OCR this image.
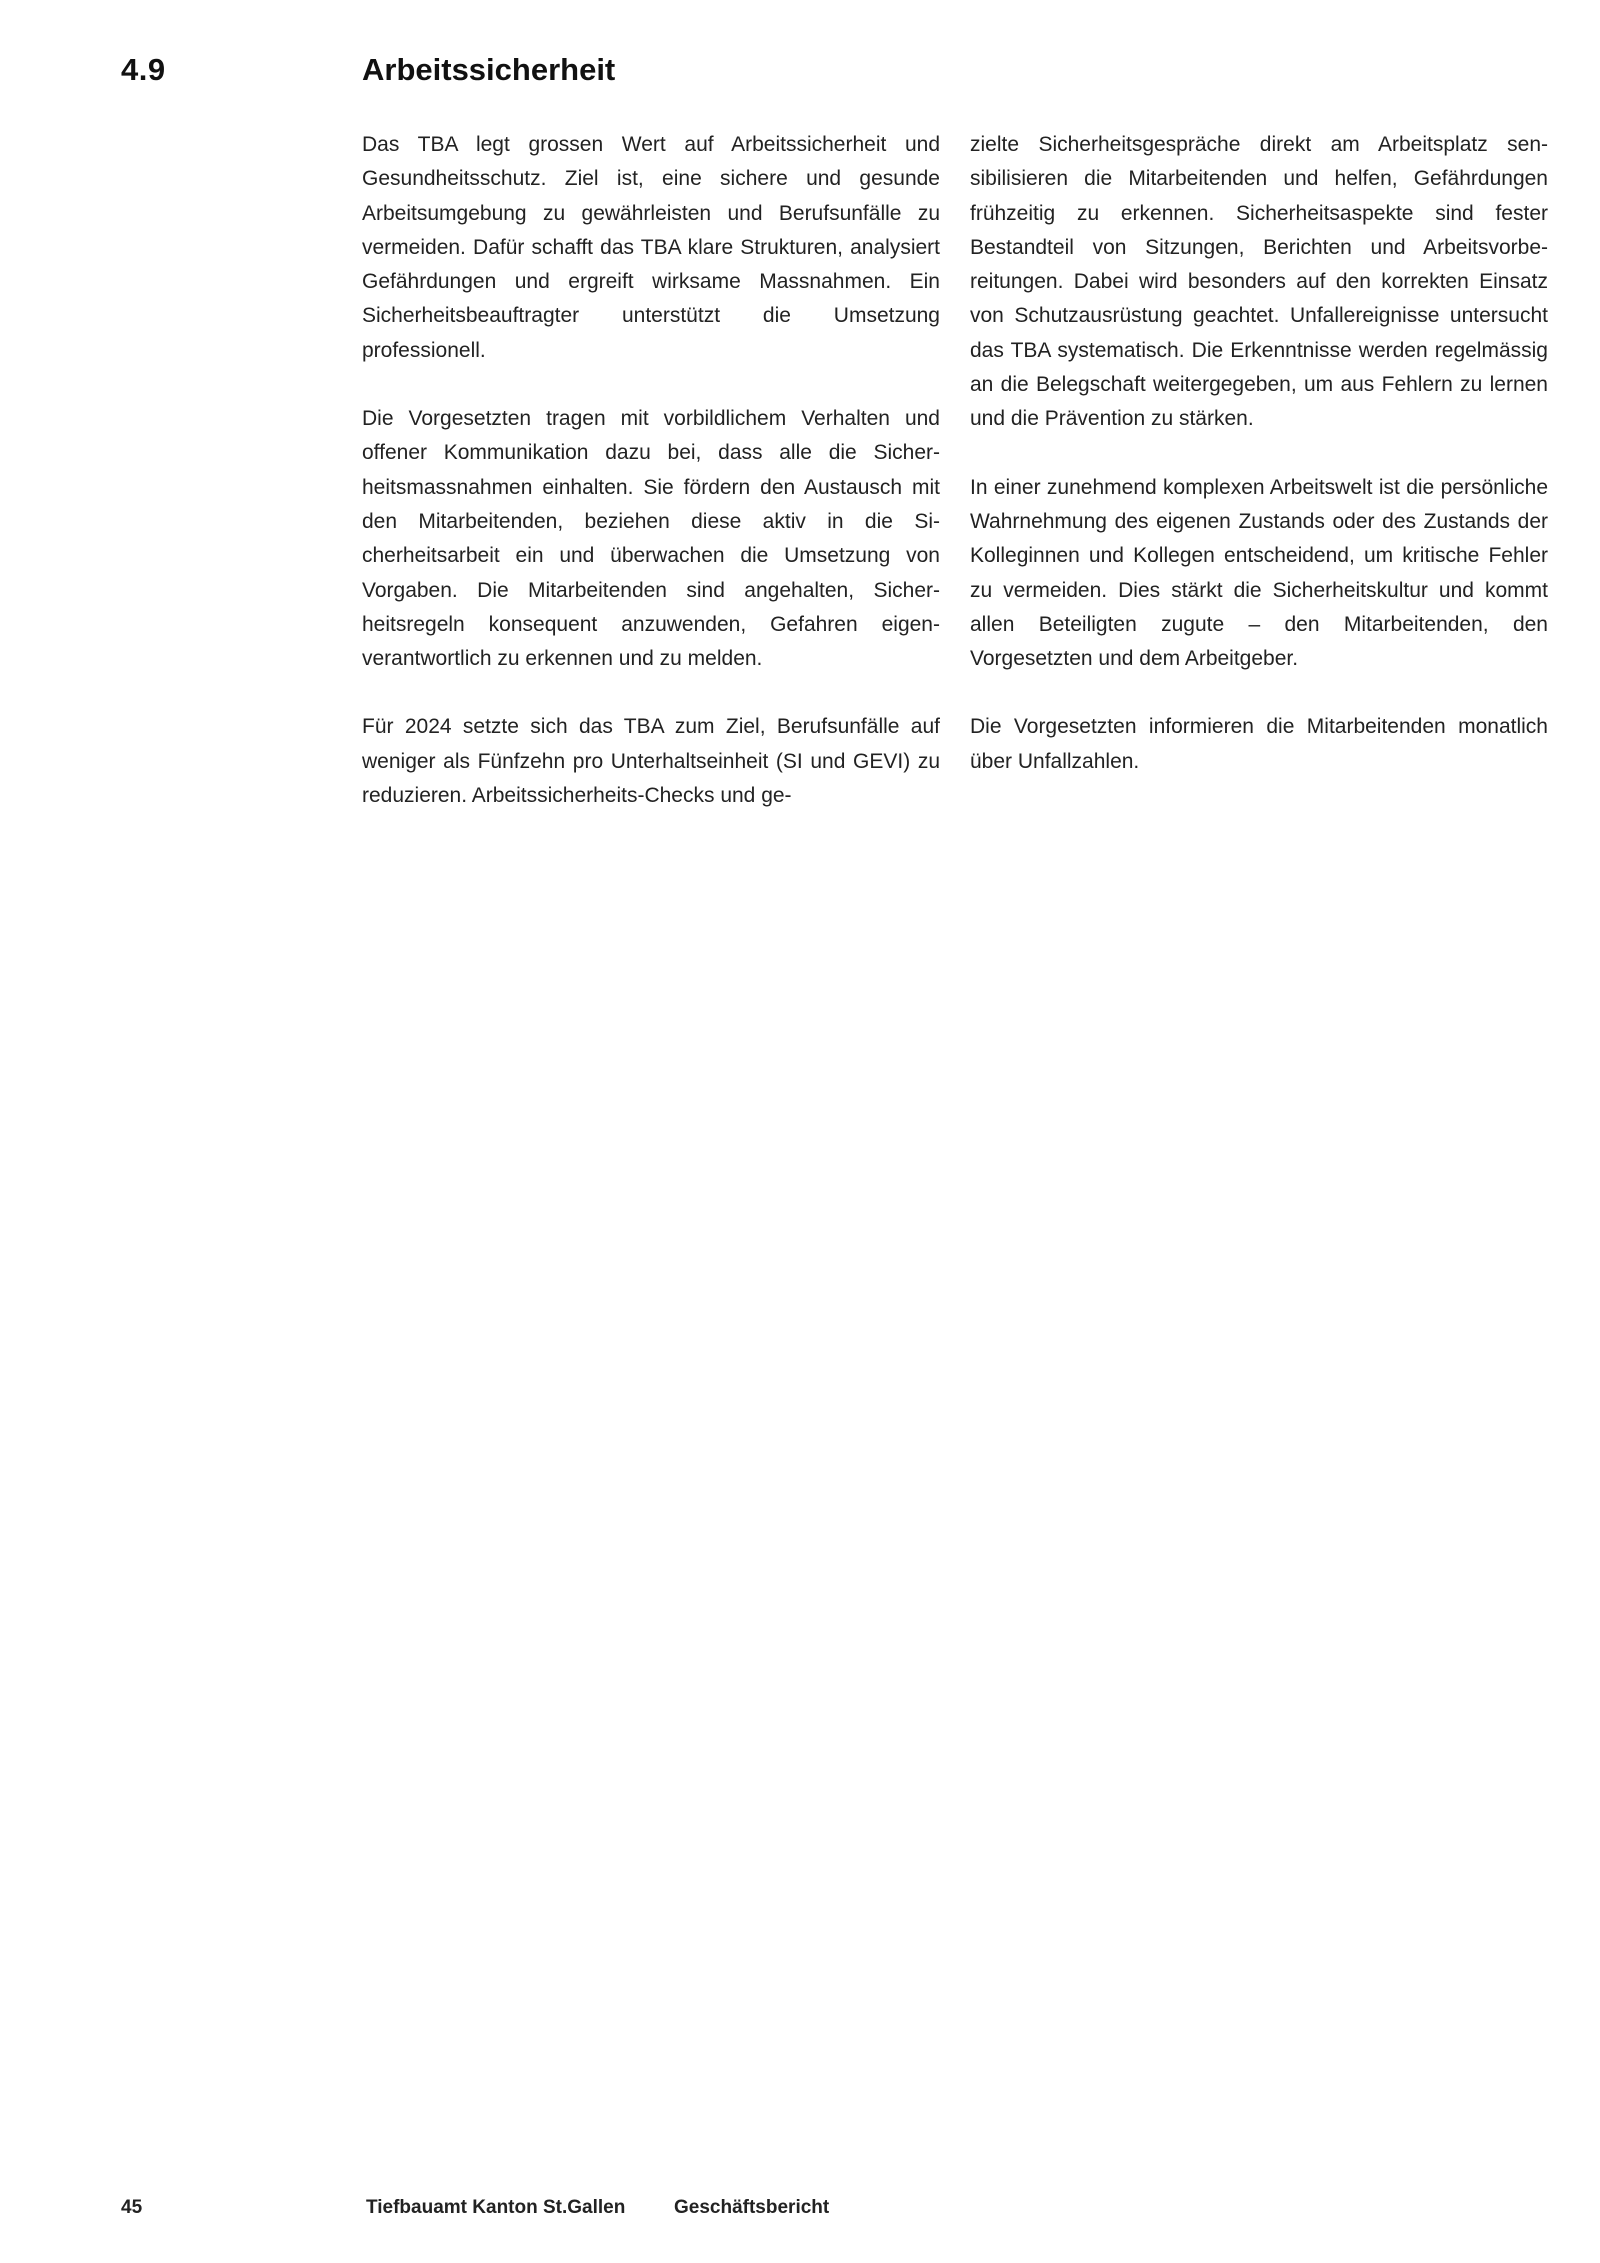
4.9	Arbeitssicherheit

Das TBA legt grossen Wert auf Arbeitssicherheit und Gesundheitsschutz. Ziel ist, eine sichere und gesunde Arbeitsumgebung zu gewährleisten und Berufsunfälle zu vermeiden. Dafür schafft das TBA klare Strukturen, analysiert Gefährdungen und ergreift wirksame Massnahmen. Ein Sicherheitsbeauftragter unterstützt die Umsetzung professionell.

Die Vorgesetzten tragen mit vorbildlichem Verhalten und offener Kommunikation dazu bei, dass alle die Sicherheitsmassnahmen einhalten. Sie fördern den Austausch mit den Mitarbeitenden, beziehen diese aktiv in die Sicherheitsarbeit ein und überwachen die Umsetzung von Vorgaben. Die Mitarbeitenden sind angehalten, Sicherheitsregeln konsequent anzuwenden, Gefahren eigenverantwortlich zu erkennen und zu melden.

Für 2024 setzte sich das TBA zum Ziel, Berufsunfälle auf weniger als Fünfzehn pro Unterhaltseinheit (SI und GEVI) zu reduzieren. Arbeitssicherheits-Checks und ge-

zielte Sicherheitsgespräche direkt am Arbeitsplatz sensibilisieren die Mitarbeitenden und helfen, Gefährdungen frühzeitig zu erkennen. Sicherheitsaspekte sind fester Bestandteil von Sitzungen, Berichten und Arbeitsvorbereitungen. Dabei wird besonders auf den korrekten Einsatz von Schutzausrüstung geachtet. Unfallereignisse untersucht das TBA systematisch. Die Erkenntnisse werden regelmässig an die Belegschaft weitergegeben, um aus Fehlern zu lernen und die Prävention zu stärken.

In einer zunehmend komplexen Arbeitswelt ist die persönliche Wahrnehmung des eigenen Zustands oder des Zustands der Kolleginnen und Kollegen entscheidend, um kritische Fehler zu vermeiden. Dies stärkt die Sicherheitskultur und kommt allen Beteiligten zugute – den Mitarbeitenden, den Vorgesetzten und dem Arbeitgeber.

Die Vorgesetzten informieren die Mitarbeitenden monatlich über Unfallzahlen.

45	Tiefbauamt Kanton St.Gallen	Geschäftsbericht
